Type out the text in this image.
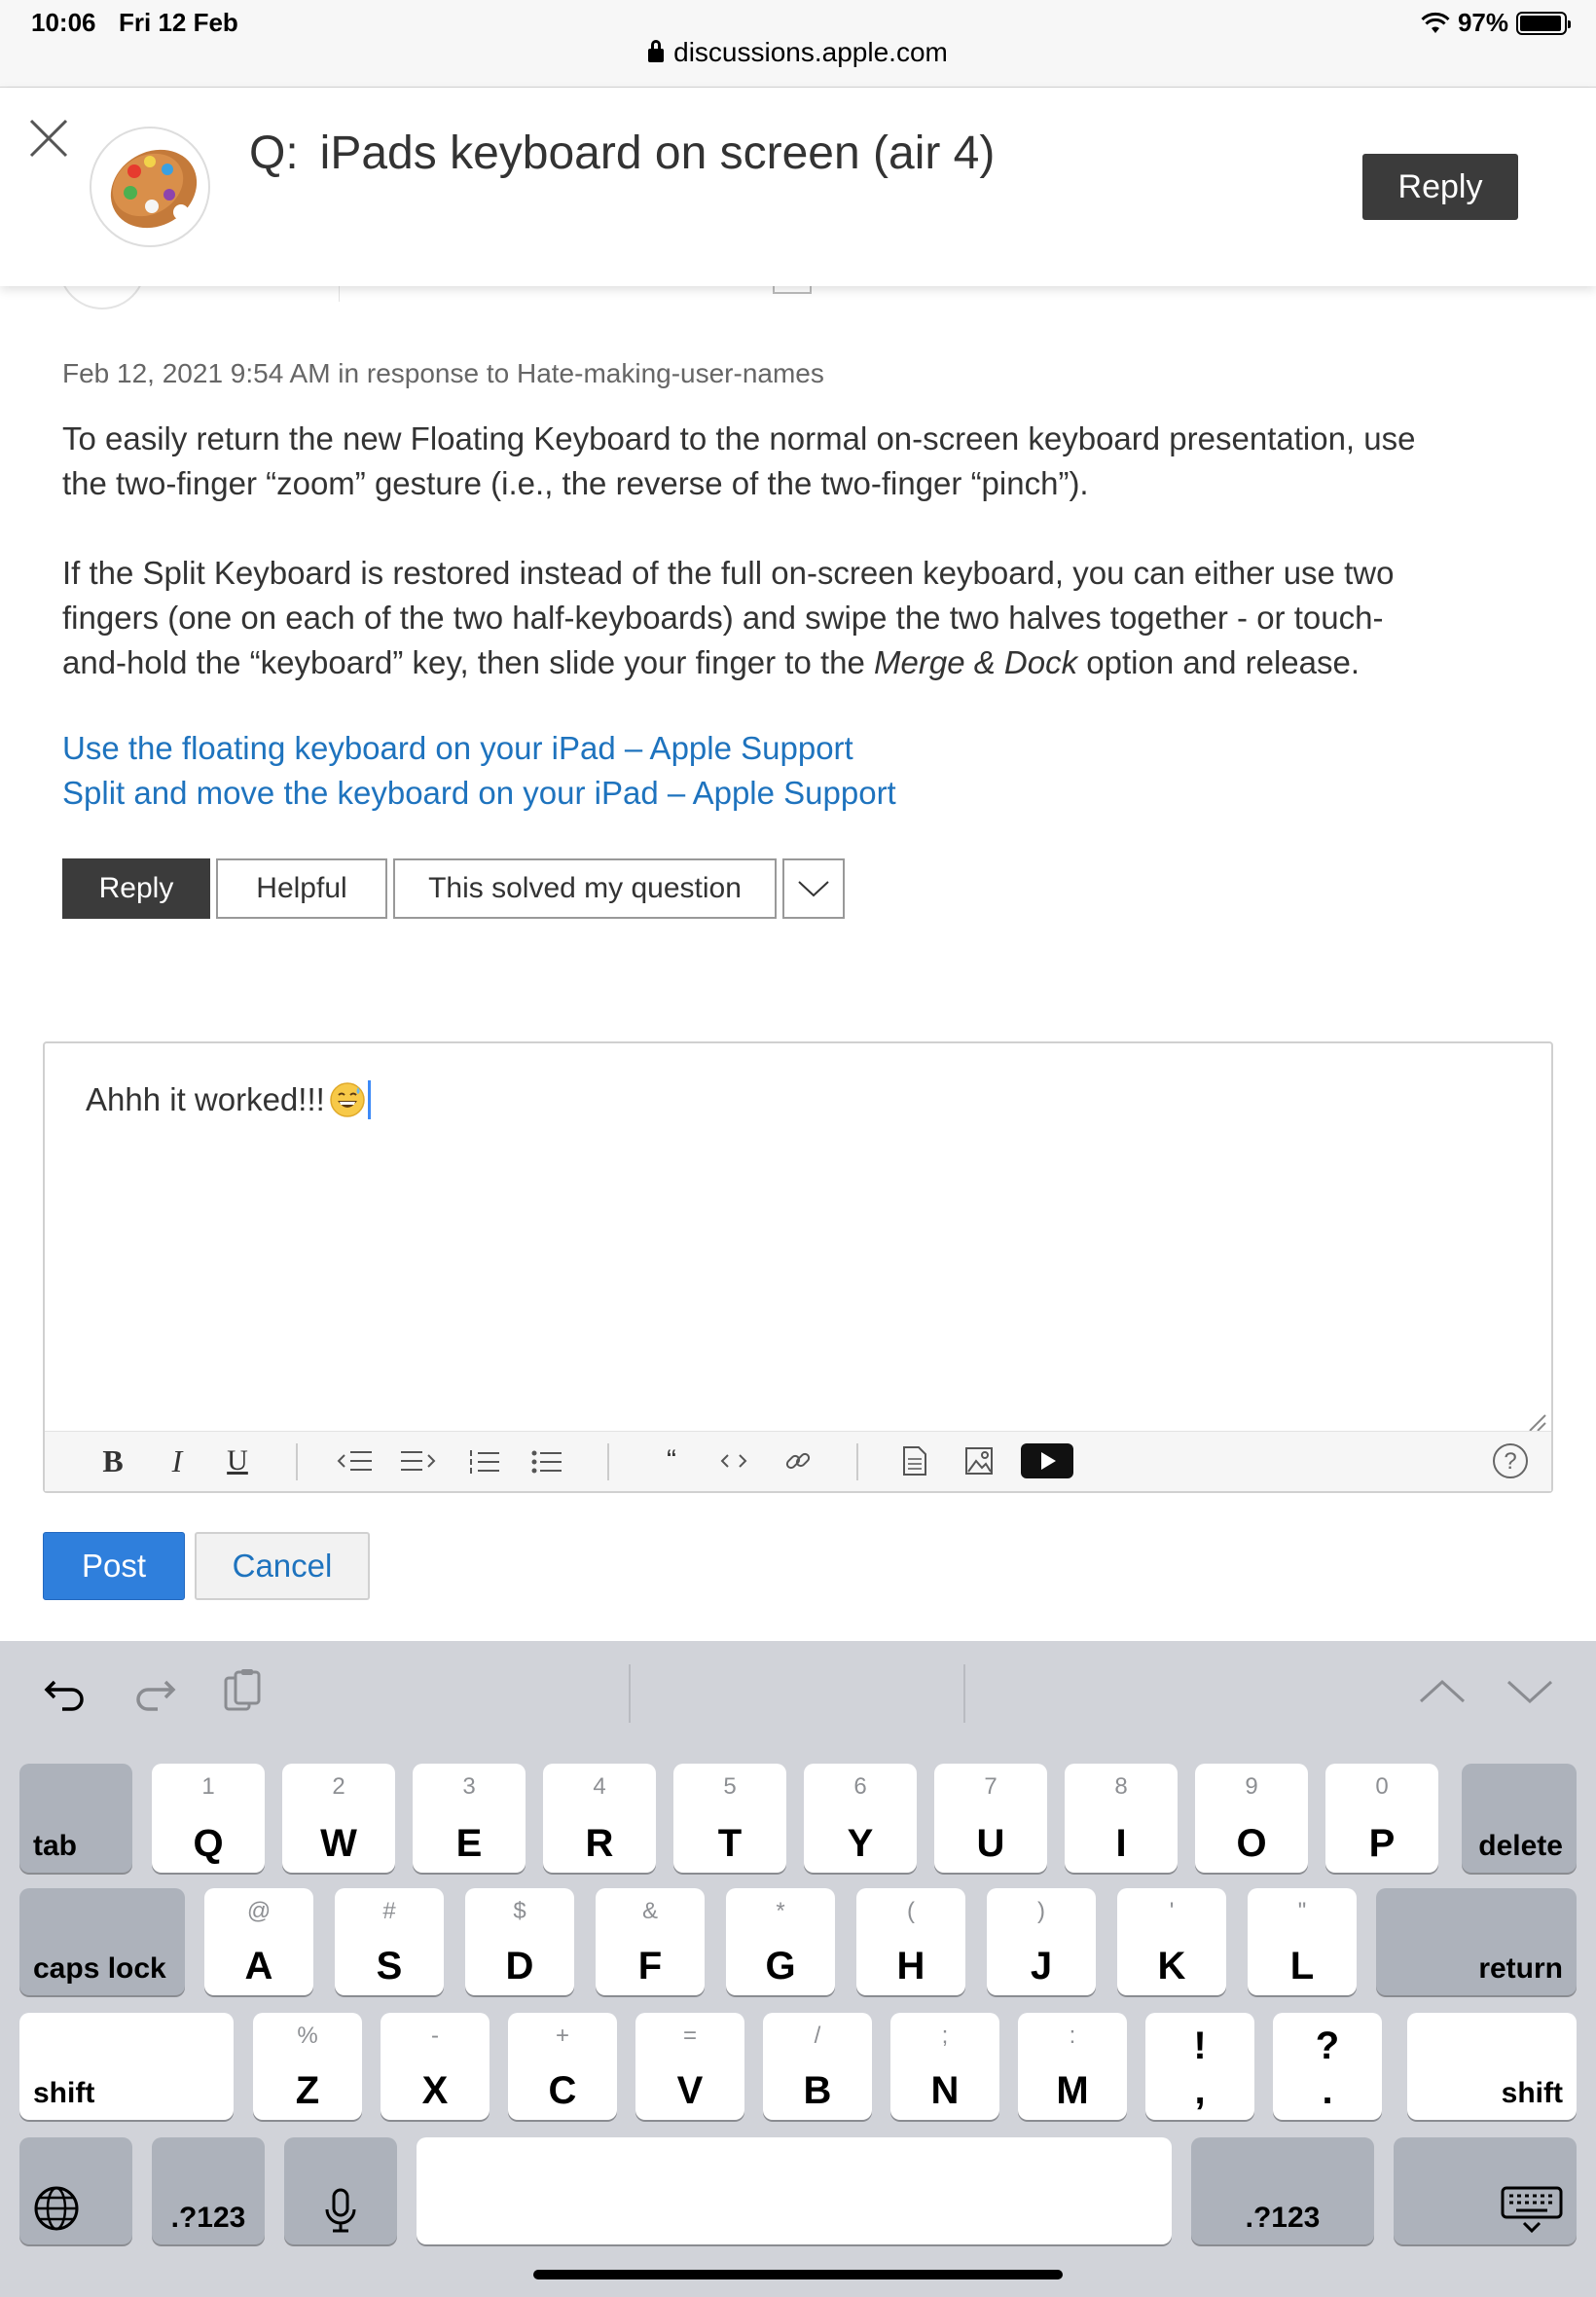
10:06 Fri 12 Feb
discussions.apple.com
97%
Q: iPads keyboard on screen (air 4)
Reply
Feb 12, 2021 9:54 AM in response to Hate-making-user-names

To easily return the new Floating Keyboard to the normal on-screen keyboard presentation, use the two-finger “zoom” gesture (i.e., the reverse of the two-finger “pinch”).

If the Split Keyboard is restored instead of the full on-screen keyboard, you can either use two fingers (one on each of the two half-keyboards) and swipe the two halves together - or touch-and-hold the “keyboard” key, then slide your finger to the Merge & Dock option and release.

Use the floating keyboard on your iPad – Apple Support
Split and move the keyboard on your iPad – Apple Support
Reply	Helpful	This solved my question
Ahhh it worked!!!
B	I	U	“	?
Post	Cancel
tab
1
Q
2
W
3
E
4
R
5
T
6
Y
7
U
8
I
9
O
0
P	delete
caps lock
@
A
#
S
$
D
&
F
*
G
(
H
)
J
'
K
"
L	return
shift
%
Z
-
X
+
C
=
V
/
B
;
N
:
M
!
,
?
.	shift
.?123	.?123
